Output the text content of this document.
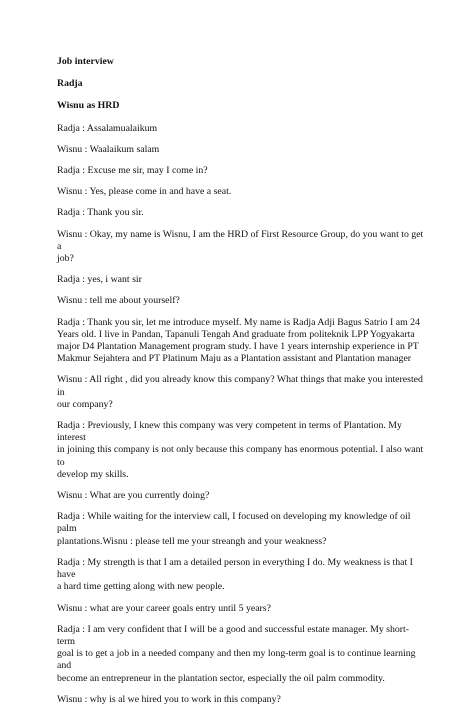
Job interview

Radja

Wisnu as HRD

Radja : Assalamualaikum

Wisnu : Waalaikum salam

Radja : Excuse me sir, may I come in?

Wisnu : Yes, please come in and have a seat.

Radja : Thank you sir.

Wisnu : Okay, my name is Wisnu, I am the HRD of First Resource Group, do you want to get a
job?

Radja : yes, i want sir

Wisnu : tell me about yourself?

Radja : Thank you sir, let me introduce myself. My name is Radja Adji Bagus Satrio I am 24
Years old. I live in Pandan, Tapanuli Tengah And graduate from politeknik LPP Yogyakarta
major D4 Plantation Management program study. I have 1 years internship experience in PT
Makmur Sejahtera and PT Platinum Maju as a Plantation assistant and Plantation manager

Wisnu : All right , did you already know this company? What things that make you interested in
our company?

Radja : Previously, I knew this company was very competent in terms of Plantation. My interest
in joining this company is not only because this company has enormous potential. I also want to
develop my skills.

Wisnu : What are you currently doing?

Radja : While waiting for the interview call, I focused on developing my knowledge of oil palm
plantations.Wisnu : please tell me your streangh and your weakness?

Radja : My strength is that I am a detailed person in everything I do. My weakness is that I have
a hard time getting along with new people.

Wisnu : what are your career goals entry until 5 years?

Radja : I am very confident that I will be a good and successful estate manager. My short-term
goal is to get a job in a needed company and then my long-term goal is to continue learning and
become an entrepreneur in the plantation sector, especially the oil palm commodity.

Wisnu : why is al we hired you to work in this company?
